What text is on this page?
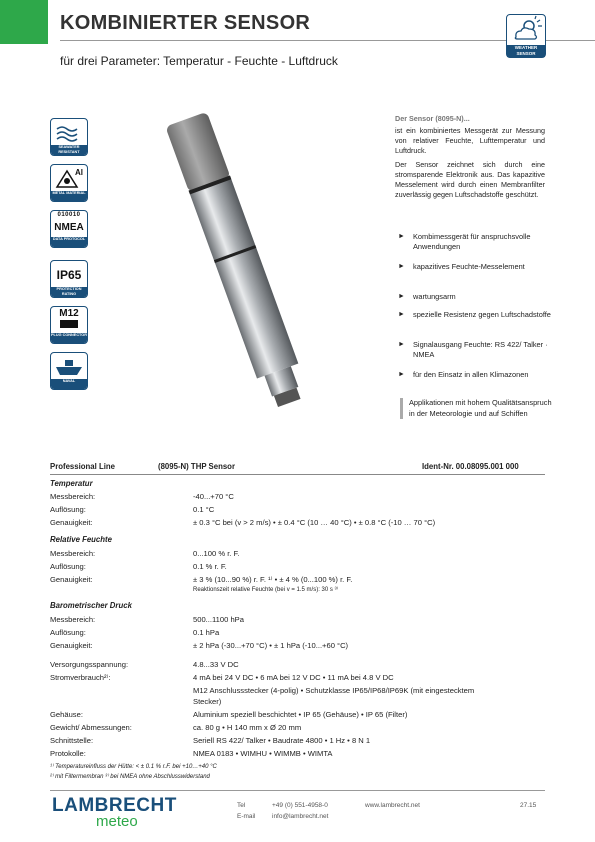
KOMBINIERTER SENSOR
für drei Parameter: Temperatur - Feuchte - Luftdruck
WEATHER SENSOR
SEAWATER RESISTANT
Al
METAL MATERIAL
010010
NMEA
DATA PROTOCOL
IP65
PROTECTION RATING
M12
PLUG CONNECTOR
NAVAL
Der Sensor (8095-N)...

ist ein kombiniertes Messgerät zur Messung von relativer Feuchte, Lufttemperatur und Luftdruck.

Der Sensor zeichnet sich durch eine stromsparende Elektronik aus. Das kapazitive Messelement wird durch einen Membranfilter zuverlässig gegen Luftschadstoffe geschützt.

► Kombimessgerät für anspruchsvolle Anwendungen
► kapazitives Feuchte-Messelement
► wartungsarm
► spezielle Resistenz gegen Luftschadstoffe
► Signalausgang Feuchte: RS 422/ Talker · NMEA
► für den Einsatz in allen Klimazonen
Applikationen mit hohem Qualitätsanspruch in der Meteorologie und auf Schiffen
Professional Line	(8095-N) THP Sensor	Ident-Nr. 00.08095.001 000
Temperatur
Messbereich:	-40...+70 °C
Auflösung:	0.1 °C
Genauigkeit:	± 0.3 °C bei (v > 2 m/s) • ± 0.4 °C (10 … 40 °C) • ± 0.8 °C (-10 … 70 °C)
Relative Feuchte
Messbereich:	0...100 % r. F.
Auflösung:	0.1 % r. F.
Genauigkeit:	± 3 % (10...90 %) r. F. ¹⁾ • ± 4 % (0...100 %) r. F.
Reaktionszeit relative Feuchte (bei v = 1.5 m/s): 30 s ³⁾
Barometrischer Druck
Messbereich:	500...1100 hPa
Auflösung:	0.1 hPa
Genauigkeit:	± 2 hPa (-30...+70 °C) • ± 1 hPa (-10...+60 °C)
Versorgungsspannung:	4.8...33 V DC
Stromverbrauch²⁾:	4 mA bei 24 V DC • 6 mA bei 12 V DC • 11 mA bei 4.8 V DC
M12 Anschlussstecker (4-polig) • Schutzklasse IP65/IP68/IP69K (mit eingestecktem
Stecker)
Gehäuse:	Aluminium speziell beschichtet • IP 65 (Gehäuse) • IP 65 (Filter)
Gewicht/ Abmessungen:	ca. 80 g • H 140 mm x Ø 20 mm
Schnittstelle:	Seriell RS 422/ Talker • Baudrate 4800 • 1 Hz • 8 N 1
Protokolle:	NMEA 0183 • WIMHU • WIMMB • WIMTA
¹⁾ Temperatureinfluss der Hütte: < ± 0.1 % r.F. bei +10…+40 °C
²⁾ mit Filtermembran ³⁾ bei NMEA ohne Abschlusswiderstand
LAMBRECHT
meteo
Tel	+49 (0) 551-4958-0
E-mail	info@lambrecht.net
www.lambrecht.net	27.15
